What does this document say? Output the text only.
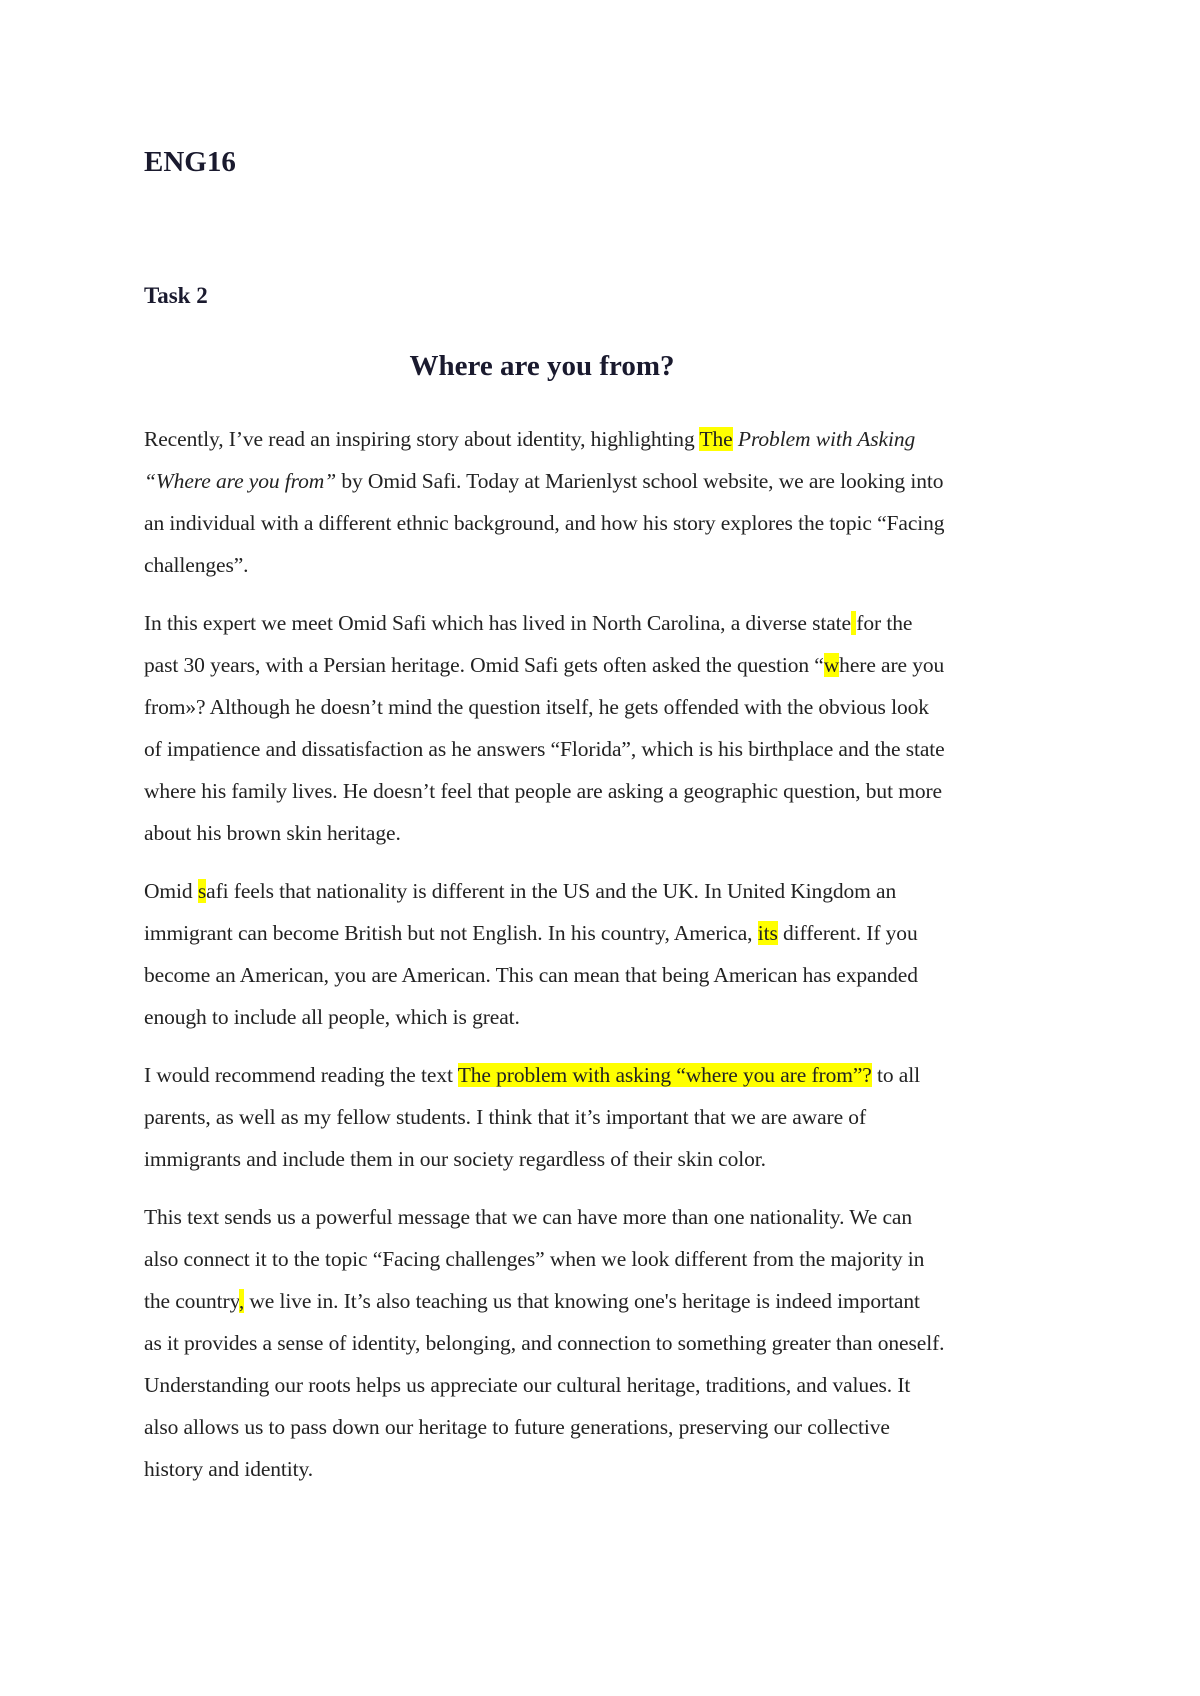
ENG16
Task 2
Where are you from?

Recently, I’ve read an inspiring story about identity, highlighting The Problem with Asking
“Where are you from” by Omid Safi. Today at Marienlyst school website, we are looking into
an individual with a different ethnic background, and how his story explores the topic “Facing
challenges”.

In this expert we meet Omid Safi which has lived in North Carolina, a diverse state for the
past 30 years, with a Persian heritage. Omid Safi gets often asked the question “where are you
from»? Although he doesn’t mind the question itself, he gets offended with the obvious look
of impatience and dissatisfaction as he answers “Florida”, which is his birthplace and the state
where his family lives. He doesn’t feel that people are asking a geographic question, but more
about his brown skin heritage.

Omid safi feels that nationality is different in the US and the UK. In United Kingdom an
immigrant can become British but not English. In his country, America, its different. If you
become an American, you are American. This can mean that being American has expanded
enough to include all people, which is great.

I would recommend reading the text The problem with asking “where you are from”? to all
parents, as well as my fellow students. I think that it’s important that we are aware of
immigrants and include them in our society regardless of their skin color.

This text sends us a powerful message that we can have more than one nationality. We can
also connect it to the topic “Facing challenges” when we look different from the majority in
the country, we live in. It’s also teaching us that knowing one's heritage is indeed important
as it provides a sense of identity, belonging, and connection to something greater than oneself.
Understanding our roots helps us appreciate our cultural heritage, traditions, and values. It
also allows us to pass down our heritage to future generations, preserving our collective
history and identity.
